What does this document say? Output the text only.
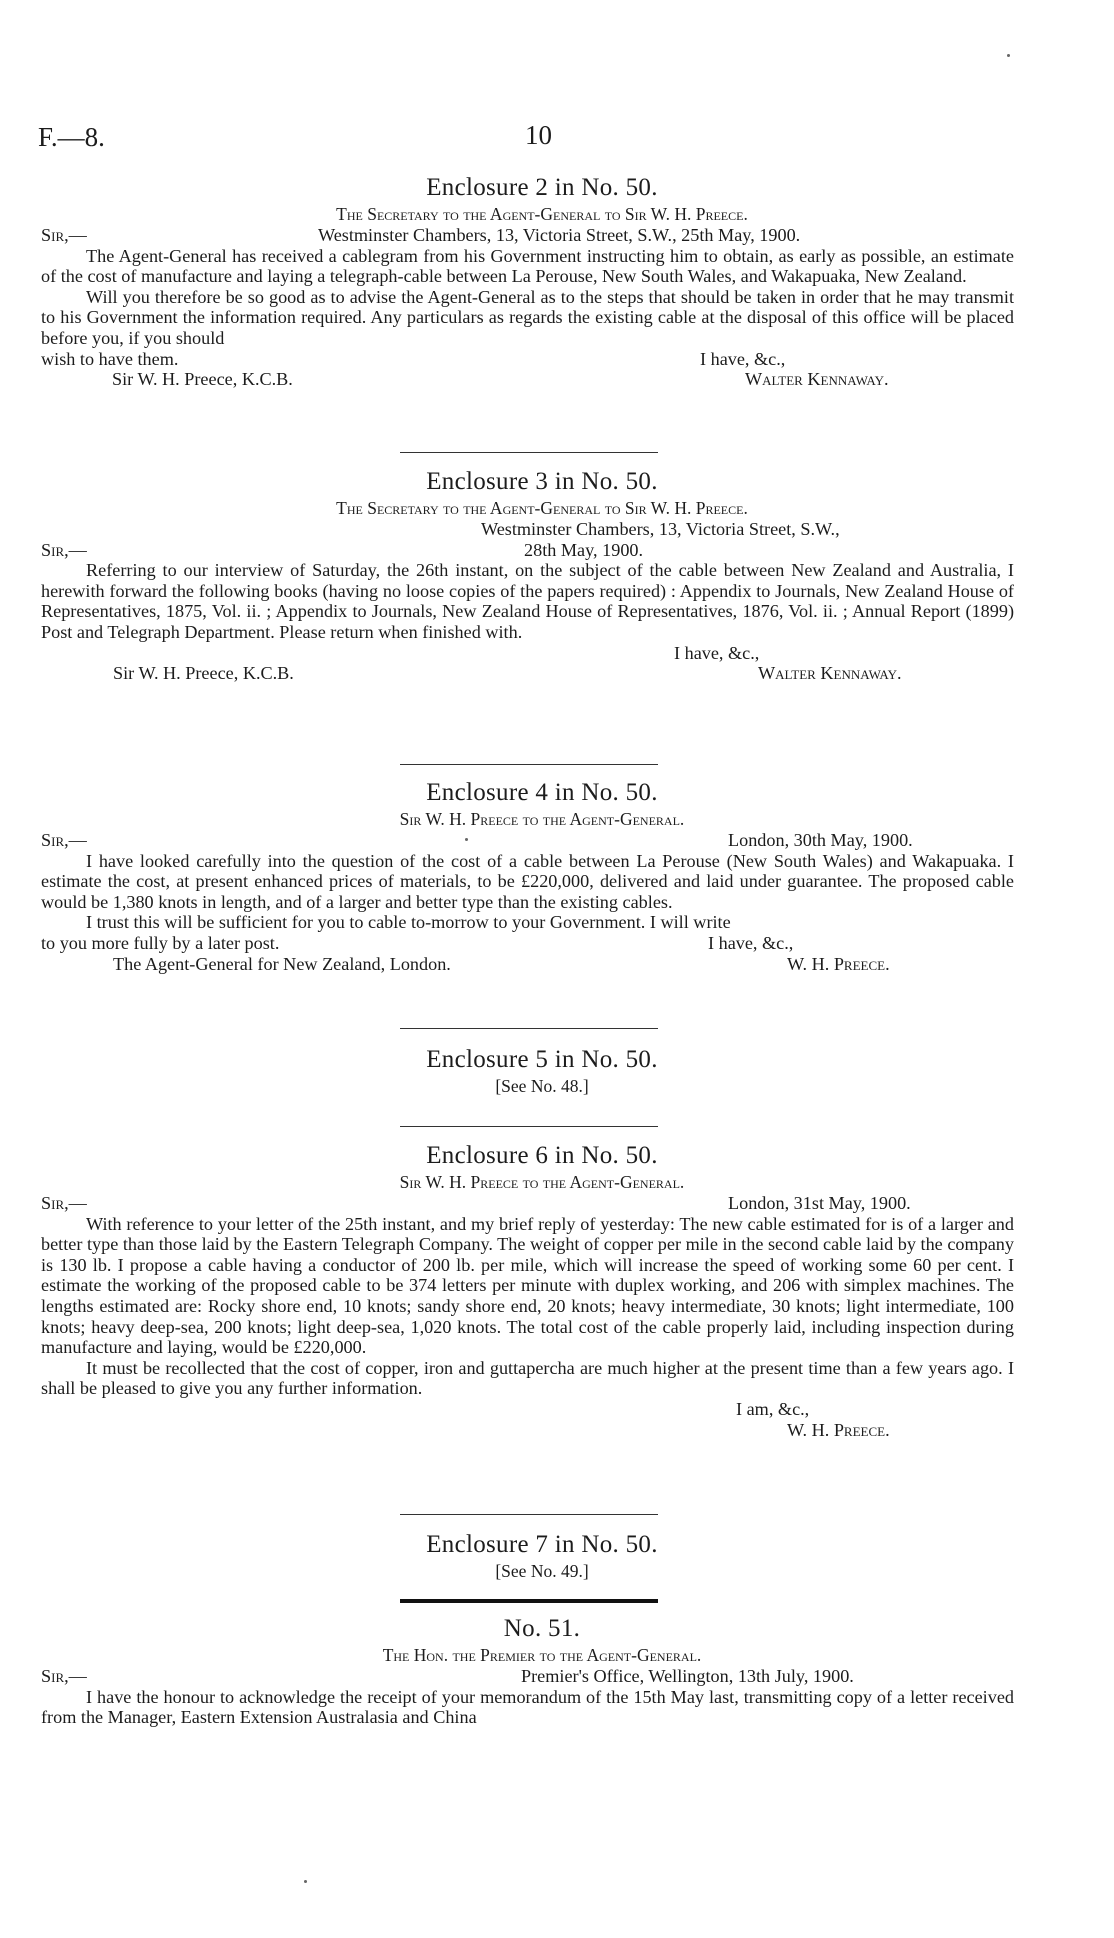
F.—8.	10
Enclosure 2 in No. 50.
The Secretary to the Agent-General to Sir W. H. Preece.
Sir,—	Westminster Chambers, 13, Victoria Street, S.W., 25th May, 1900.
The Agent-General has received a cablegram from his Government instructing him to obtain, as early as possible, an estimate of the cost of manufacture and laying a telegraph-cable between La Perouse, New South Wales, and Wakapuaka, New Zealand.
Will you therefore be so good as to advise the Agent-General as to the steps that should be taken in order that he may transmit to his Government the information required. Any particulars as regards the existing cable at the disposal of this office will be placed before you, if you should
wish to have them.	I have, &c.,
Sir W. H. Preece, K.C.B.	Walter Kennaway.
Enclosure 3 in No. 50.
The Secretary to the Agent-General to Sir W. H. Preece.
Westminster Chambers, 13, Victoria Street, S.W.,
Sir,—	28th May, 1900.
Referring to our interview of Saturday, the 26th instant, on the subject of the cable between New Zealand and Australia, I herewith forward the following books (having no loose copies of the papers required) : Appendix to Journals, New Zealand House of Representatives, 1875, Vol. ii. ; Appendix to Journals, New Zealand House of Representatives, 1876, Vol. ii. ; Annual Report (1899) Post and Telegraph Department. Please return when finished with.
I have, &c.,
Sir W. H. Preece, K.C.B.	Walter Kennaway.
Enclosure 4 in No. 50.
Sir W. H. Preece to the Agent-General.
Sir,—	London, 30th May, 1900.
I have looked carefully into the question of the cost of a cable between La Perouse (New South Wales) and Wakapuaka. I estimate the cost, at present enhanced prices of materials, to be £220,000, delivered and laid under guarantee. The proposed cable would be 1,380 knots in length, and of a larger and better type than the existing cables.
I trust this will be sufficient for you to cable to-morrow to your Government. I will write
to you more fully by a later post.	I have, &c.,
The Agent-General for New Zealand, London.	W. H. Preece.
Enclosure 5 in No. 50.
[See No. 48.]
Enclosure 6 in No. 50.
Sir W. H. Preece to the Agent-General.
Sir,—	London, 31st May, 1900.
With reference to your letter of the 25th instant, and my brief reply of yesterday: The new cable estimated for is of a larger and better type than those laid by the Eastern Telegraph Company. The weight of copper per mile in the second cable laid by the company is 130 lb. I propose a cable having a conductor of 200 lb. per mile, which will increase the speed of working some 60 per cent. I estimate the working of the proposed cable to be 374 letters per minute with duplex working, and 206 with simplex machines. The lengths estimated are: Rocky shore end, 10 knots; sandy shore end, 20 knots; heavy intermediate, 30 knots; light intermediate, 100 knots; heavy deep-sea, 200 knots; light deep-sea, 1,020 knots. The total cost of the cable properly laid, including inspection during manufacture and laying, would be £220,000.
It must be recollected that the cost of copper, iron and guttapercha are much higher at the present time than a few years ago. I shall be pleased to give you any further information.
I am, &c.,
W. H. Preece.
Enclosure 7 in No. 50.
[See No. 49.]
No. 51.
The Hon. the Premier to the Agent-General.
Sir,—	Premier's Office, Wellington, 13th July, 1900.
I have the honour to acknowledge the receipt of your memorandum of the 15th May last, transmitting copy of a letter received from the Manager, Eastern Extension Australasia and China
